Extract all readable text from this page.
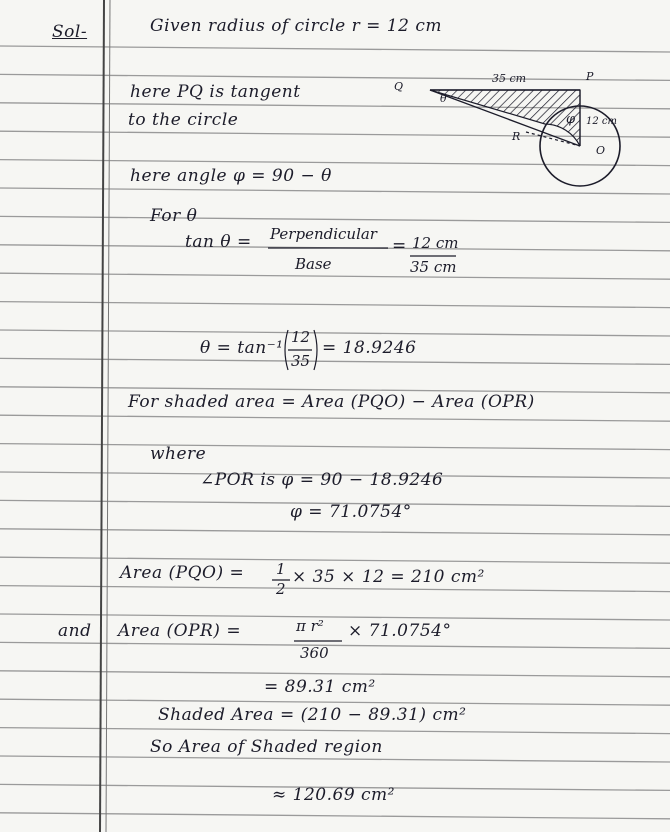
Sol-	Given radius of circle r = 12 cm
here PQ is tangent
to the circle
here angle φ = 90 − θ
For θ
tan θ = Perpendicular
Base
= 12 cm
35 cm
θ = tan⁻¹
12
35
= 18.9246
For shaded area = Area (PQO) − Area (OPR)
where
∠POR is φ = 90 − 18.9246
φ = 71.0754°
Area (PQO) = 1
2
× 35 × 12 = 210 cm²
and Area (OPR) =	π r²
360
× 71.0754°
= 89.31 cm²
Shaded Area = (210 − 89.31) cm²
So Area of Shaded region
≈ 120.69 cm²
Q
θ
35 cm	P
φ 12 cm
R
O
